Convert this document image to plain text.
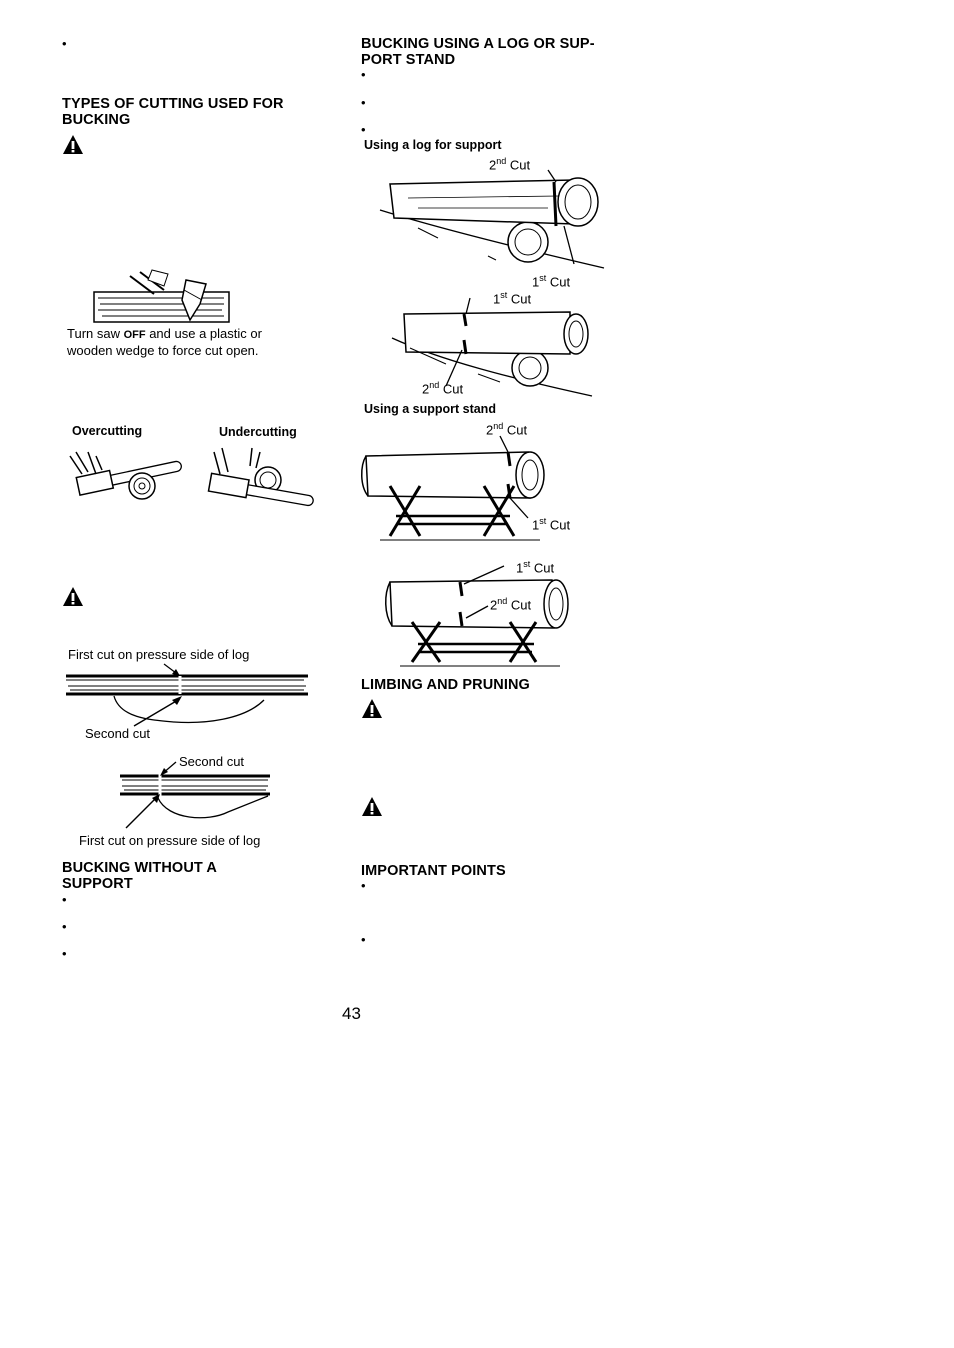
•
TYPES OF CUTTING USED FOR
BUCKING
Turn saw OFF and use a plastic or
wooden wedge to force cut open.
Overcutting	Undercutting
First cut on pressure side of log
Second cut
Second cut
First cut on pressure side of log
BUCKING WITHOUT A
SUPPORT
•
•
•
BUCKING USING A LOG OR SUP-
PORT STAND
•
•
•
Using a log for support
2nd Cut
1st Cut
1st Cut
2nd Cut
Using a support stand
2nd Cut
1st Cut
1st Cut
2nd Cut
LIMBING AND PRUNING
IMPORTANT POINTS
•
•
43
